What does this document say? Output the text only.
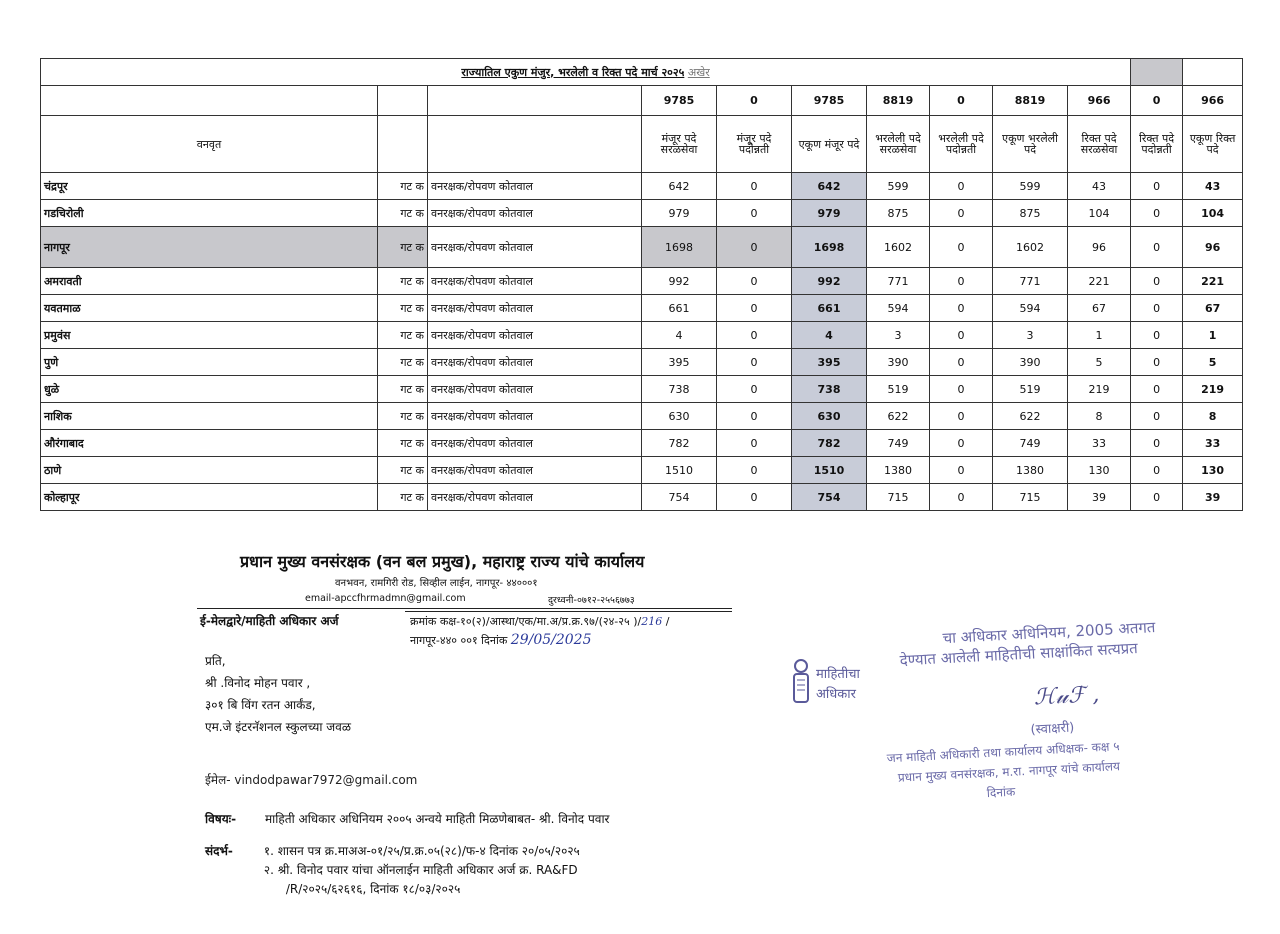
राज्यातिल एकुण मंजुर, भरलेली व रिक्त पदे मार्च २०२५ अखेर											
			9785	0	9785	8819	0	8819	966	0	966
वनवृत			मंजूर पदे सरळसेवा	मंजूर पदे पदोन्नती	एकूण मंजूर पदे	भरलेली पदे सरळसेवा	भरलेली पदे पदोन्नती	एकूण भरलेली पदे	रिक्त पदे सरळसेवा	रिक्त पदे पदोन्नती	एकूण रिक्त पदे
चंद्रपूर	गट क	वनरक्षक/रोपवण कोतवाल	642	0	642	599	0	599	43	0	43
गडचिरोली	गट क	वनरक्षक/रोपवण कोतवाल	979	0	979	875	0	875	104	0	104
नागपूर	गट क	वनरक्षक/रोपवण कोतवाल	1698	0	1698	1602	0	1602	96	0	96
अमरावती	गट क	वनरक्षक/रोपवण कोतवाल	992	0	992	771	0	771	221	0	221
यवतमाळ	गट क	वनरक्षक/रोपवण कोतवाल	661	0	661	594	0	594	67	0	67
प्रमुवंस	गट क	वनरक्षक/रोपवण कोतवाल	4	0	4	3	0	3	1	0	1
पुणे	गट क	वनरक्षक/रोपवण कोतवाल	395	0	395	390	0	390	5	0	5
धुळे	गट क	वनरक्षक/रोपवण कोतवाल	738	0	738	519	0	519	219	0	219
नाशिक	गट क	वनरक्षक/रोपवण कोतवाल	630	0	630	622	0	622	8	0	8
औरंगाबाद	गट क	वनरक्षक/रोपवण कोतवाल	782	0	782	749	0	749	33	0	33
ठाणे	गट क	वनरक्षक/रोपवण कोतवाल	1510	0	1510	1380	0	1380	130	0	130
कोल्हापूर	गट क	वनरक्षक/रोपवण कोतवाल	754	0	754	715	0	715	39	0	39
प्रधान मुख्य वनसंरक्षक (वन बल प्रमुख), महाराष्ट्र राज्य यांचे कार्यालय
वनभवन, रामगिरी रोड, सिव्हील लाईन, नागपूर- ४४०००१
email-apccfhrmadmn@gmail.com	दुरध्वनी-०७१२-२५५६७७३
ई-मेलद्वारे/माहिती अधिकार अर्ज	क्रमांक कक्ष-१०(२)/आस्था/एक/मा.अ/प्र.क्र.९७/(२४-२५ )/216 /
नागपूर-४४० ००१ दिनांक 29/05/2025
प्रति,
श्री .विनोद मोहन पवार ,
३०१ बि विंग रतन आर्कंड,
एम.जे इंटरनॅशनल स्कुलच्या जवळ
ईमेल- vindodpawar7972@gmail.com
विषयः- माहिती अधिकार अधिनियम २००५ अन्वये माहिती मिळणेबाबत- श्री. विनोद पवार
संदर्भ-	१. शासन पत्र क्र.माअअ-०१/२५/प्र.क्र.०५(२८)/फ-४ दिनांक २०/०५/२०२५
२. श्री. विनोद पवार यांचा ऑनलाईन माहिती अधिकार अर्ज क्र. RA&FD
/R/२०२५/६२६१६, दिनांक १८/०३/२०२५
माहितीचा
अधिकार
चा अधिकार अधिनियम, 2005 अतगत
देण्यात आलेली माहितीची साक्षांकित सत्यप्रत
ℋ𝓊ℱ ,
(स्वाक्षरी)
जन माहिती अधिकारी तथा कार्यालय अधिक्षक- कक्ष ५
प्रधान मुख्य वनसंरक्षक, म.रा. नागपूर यांचे कार्यालय
दिनांक
